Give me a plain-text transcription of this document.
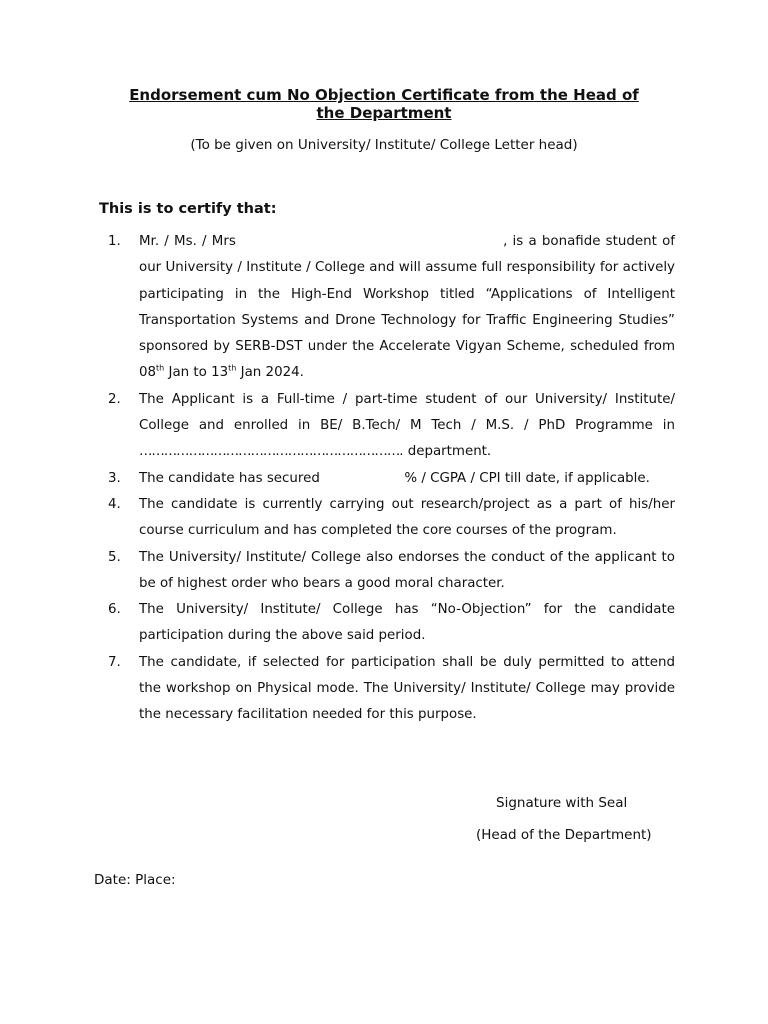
Endorsement cum No Objection Certificate from the Head of the Department
(To be given on University/ Institute/ College Letter head)
This is to certify that:
1.	Mr. / Ms. / Mrs	, is a bonafide student of our University / Institute / College and will assume full responsibility for actively participating in the High-End Workshop titled “Applications of Intelligent Transportation Systems and Drone Technology for Traffic Engineering Studies” sponsored by SERB-DST under the Accelerate Vigyan Scheme, scheduled from 08th Jan to 13th Jan 2024.
2.	The Applicant is a Full-time / part-time student of our University/ Institute/ College and enrolled in BE/ B.Tech/ M Tech / M.S. / PhD Programme in ………………………………………………………. department.
3.	The candidate has secured	% / CGPA / CPI till date, if applicable.
4.	The candidate is currently carrying out research/project as a part of his/her course curriculum and has completed the core courses of the program.
5.	The University/ Institute/ College also endorses the conduct of the applicant to be of highest order who bears a good moral character.
6.	The University/ Institute/ College has “No-Objection” for the candidate participation during the above said period.
7.	The candidate, if selected for participation shall be duly permitted to attend the workshop on Physical mode. The University/ Institute/ College may provide the necessary facilitation needed for this purpose.
Signature with Seal
(Head of the Department)
Date: Place:
